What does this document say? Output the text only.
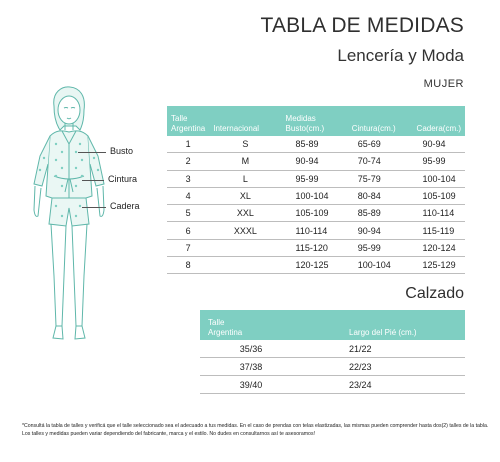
TABLA DE MEDIDAS
Lencería y Moda
MUJER
Busto
Cintura
Cadera
Talle
Argentina	Internacional	Medidas
Busto(cm.)	Cintura(cm.)	Cadera(cm.)
1	S	85-89	65-69	90-94
2	M	90-94	70-74	95-99
3	L	95-99	75-79	100-104
4	XL	100-104	80-84	105-109
5	XXL	105-109	85-89	110-114
6	XXXL	110-114	90-94	115-119
7		115-120	95-99	120-124
8		120-125	100-104	125-129
Calzado
Talle
Argentina	Largo del Pié (cm.)
35/36	21/22
37/38	22/23
39/40	23/24
*Consultá la tabla de talles y verificá que el talle seleccionado sea el adecuado a tus medidas. En el caso de prendas con telas elastizadas, las mismas pueden comprender hasta dos(2) talles de la tabla.
Los talles y medidas pueden variar dependiendo del fabricante, marca y el estilo. No dudes en consultarnos así te asesoramos!
